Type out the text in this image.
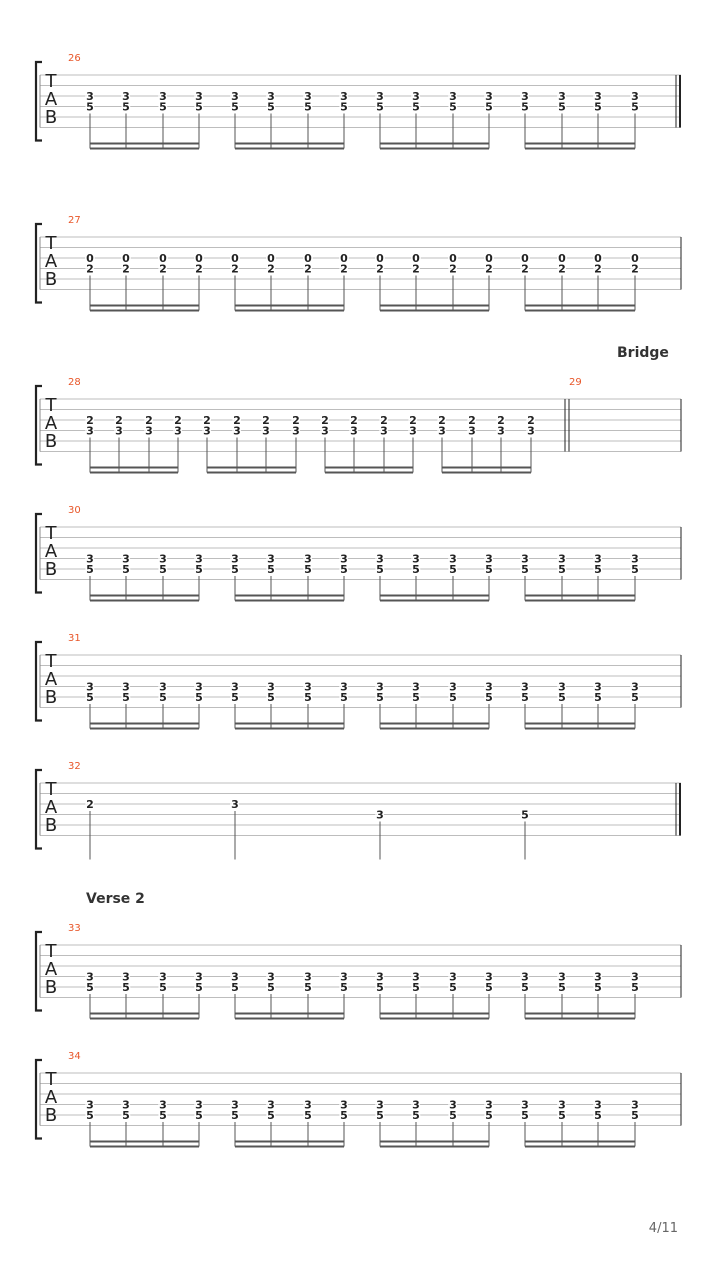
Bridge
Verse 2
T
A
B
26
3
5
3
5
3
5
3
5
3
5
3
5
3
5
3
5
3
5
3
5
3
5
3
5
3
5
3
5
3
5
3
5
T
A
B
27
0
2
0
2
0
2
0
2
0
2
0
2
0
2
0
2
0
2
0
2
0
2
0
2
0
2
0
2
0
2
0
2
T
A
B
28
2
3
2
3
2
3
2
3
2
3
2
3
2
3
2
3
2
3
2
3
2
3
2
3
2
3
2
3
2
3
2
3
29
T
A
B
30
3
5
3
5
3
5
3
5
3
5
3
5
3
5
3
5
3
5
3
5
3
5
3
5
3
5
3
5
3
5
3
5
T
A
B
31
3
5
3
5
3
5
3
5
3
5
3
5
3
5
3
5
3
5
3
5
3
5
3
5
3
5
3
5
3
5
3
5
T
A
B
32
2	3
3	5
T
A
B
33
3
5
3
5
3
5
3
5
3
5
3
5
3
5
3
5
3
5
3
5
3
5
3
5
3
5
3
5
3
5
3
5
T
A
B
34
3
5
3
5
3
5
3
5
3
5
3
5
3
5
3
5
3
5
3
5
3
5
3
5
3
5
3
5
3
5
3
5
4/11
